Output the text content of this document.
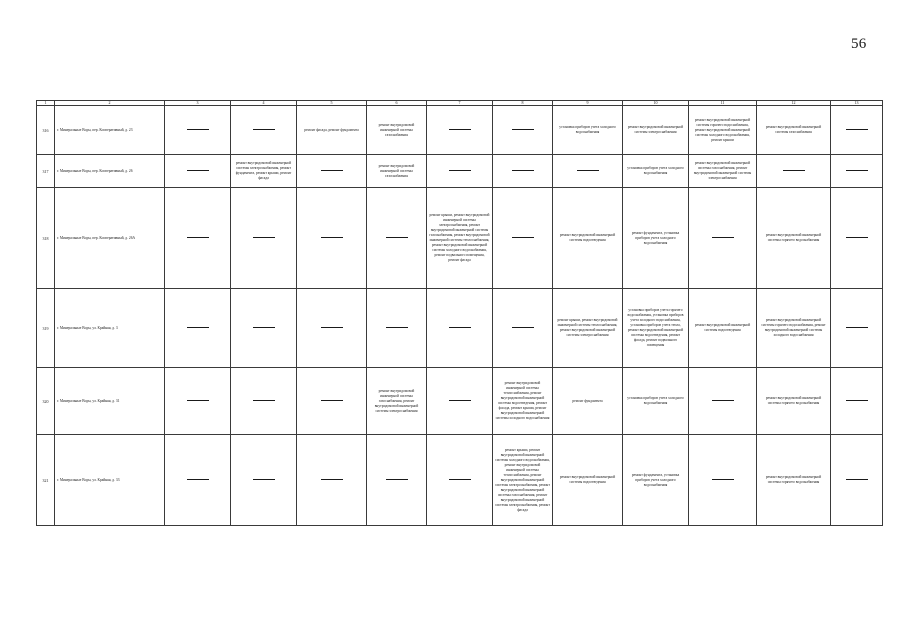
56
1	2	3	4	5	6	7	8	9	10	11	12	13
316	г. Минеральные Воды, пер. Кооперативный, д. 23			ремонт фасада, ремонт фундамента	ремонт внутридомовой инженерной системы газоснабжения			установка приборов учета холодного водоснабжения	ремонт внутридомовой инженерной системы электроснабжения	ремонт внутридомовой инженерной системы горячего водоснабжения, ремонт внутридомовой инженерной системы холодного водоснабжения, ремонт крыши	ремонт внутридомовой инженерной системы газоснабжения	
317	г. Минеральные Воды, пер. Кооперативный, д. 26		ремонт внутридомовой инженерной системы электроснабжения, ремонт фундамента, ремонт крыши, ремонт фасада		ремонт внутридомовой инженерной системы газоснабжения				установка приборов учета холодного водоснабжения	ремонт внутридомовой инженерной системы газоснабжения, ремонт внутридомовой инженерной системы электроснабжения		
318	г. Минеральные Воды, пер. Кооперативный, д. 26А					ремонт крыши, ремонт внутридомовой инженерной системы электроснабжения, ремонт внутридомовой инженерной системы газоснабжения, ремонт внутридомовой инженерной системы теплоснабжения, ремонт внутридомовой инженерной системы холодного водоснабжения, ремонт подвального помещения, ремонт фасада		ремонт внутридомовой инженерной системы водоотведения	ремонт фундамента, установка приборов учета холодного водоснабжения		ремонт внутридомовой инженерной системы горячего водоснабжения	
319	г. Минеральные Воды, ул. Крайняя, д. 3							ремонт крыши, ремонт внутридомовой инженерной системы теплоснабжения, ремонт внутридомовой инженерной системы электроснабжения	установка приборов учета горячего водоснабжения, установка приборов учета холодного водоснабжения, установка приборов учета тепла, ремонт внутридомовой инженерной системы водоотведения, ремонт фасада, ремонт подвального помещения	ремонт внутридомовой инженерной системы водоотведения	ремонт внутридомовой инженерной системы горячего водоснабжения, ремонт внутридомовой инженерной системы холодного водоснабжения	
320	г. Минеральные Воды, ул. Крайняя, д. 31				ремонт внутридомовой инженерной системы газоснабжения, ремонт внутридомовой инженерной системы электроснабжения		ремонт внутридомовой инженерной системы теплоснабжения, ремонт внутридомовой инженерной системы водоотведения, ремонт фасада, ремонт крыши, ремонт внутридомовой инженерной системы холодного водоснабжения	ремонт фундамента	установка приборов учета холодного водоснабжения		ремонт внутридомовой инженерной системы горячего водоснабжения	
321	г. Минеральные Воды, ул. Крайняя, д. 33						ремонт крыши, ремонт внутридомовой инженерной системы холодного водоснабжения, ремонт внутридомовой инженерной системы теплоснабжения, ремонт внутридомовой инженерной системы электроснабжения, ремонт внутридомовой инженерной системы газоснабжения, ремонт внутридомовой инженерной системы электроснабжения, ремонт фасада	ремонт внутридомовой инженерной системы водоотведения	ремонт фундамента, установка приборов учета холодного водоснабжения		ремонт внутридомовой инженерной системы горячего водоснабжения	
